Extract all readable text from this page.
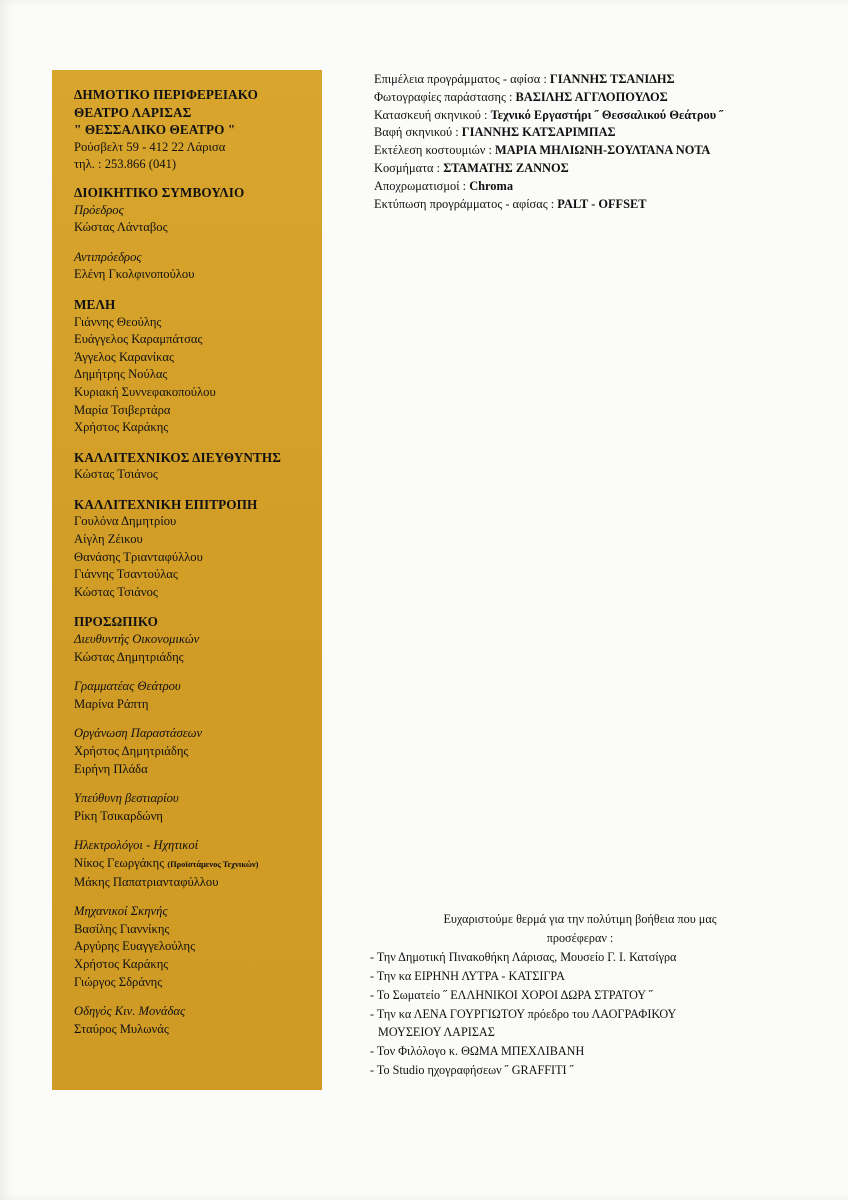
ΔΗΜΟΤΙΚΟ ΠΕΡΙΦΕΡΕΙΑΚΟ
ΘΕΑΤΡΟ ΛΑΡΙΣΑΣ
" ΘΕΣΣΑΛΙΚΟ ΘΕΑΤΡΟ "
Ρούσβελτ 59 - 412 22 Λάρισα
τηλ. : 253.866 (041)
ΔΙΟΙΚΗΤΙΚΟ ΣΥΜΒΟΥΛΙΟ
Πρόεδρος
Κώστας Λάνταβος
Αντιπρόεδρος
Ελένη Γκολφινοπούλου
ΜΕΛΗ
Γιάννης Θεούλης
Ευάγγελος Καραμπάτσας
Άγγελος Καρανίκας
Δημήτρης Νούλας
Κυριακή Συννεφακοπούλου
Μαρία Τσιβερτάρα
Χρήστος Καράκης
ΚΑΛΛΙΤΕΧΝΙΚΟΣ ΔΙΕΥΘΥΝΤΗΣ
Κώστας Τσιάνος
ΚΑΛΛΙΤΕΧΝΙΚΗ ΕΠΙΤΡΟΠΗ
Γουλόνα Δημητρίου
Αίγλη Ζέικου
Θανάσης Τριανταφύλλου
Γιάννης Τσαντούλας
Κώστας Τσιάνος
ΠΡΟΣΩΠΙΚΟ
Διευθυντής Οικονομικών
Κώστας Δημητριάδης
Γραμματέας Θεάτρου
Μαρίνα Ράπτη
Οργάνωση Παραστάσεων
Χρήστος Δημητριάδης
Ειρήνη Πλάδα
Υπεύθυνη βεστιαρίου
Ρίκη Τσικαρδώνη
Ηλεκτρολόγοι - Ηχητικοί
Νίκος Γεωργάκης (Προϊστάμενος Τεχνικών)
Μάκης Παπατριανταφύλλου
Μηχανικοί Σκηνής
Βασίλης Γιαννίκης
Αργύρης Ευαγγελούλης
Χρήστος Καράκης
Γιώργος Σδράνης
Οδηγός Κιν. Μονάδας
Σταύρος Μυλωνάς
Επιμέλεια προγράμματος - αφίσα : ΓΙΑΝΝΗΣ ΤΣΑΝΙΔΗΣ
Φωτογραφίες παράστασης : ΒΑΣΙΛΗΣ ΑΓΓΛΟΠΟΥΛΟΣ
Κατασκευή σκηνικού : Τεχνικό Εργαστήρι ˝ Θεσσαλικού Θεάτρου ˝
Βαφή σκηνικού : ΓΙΑΝΝΗΣ ΚΑΤΣΑΡΙΜΠΑΣ
Εκτέλεση κοστουμιών : ΜΑΡΙΑ ΜΗΛΙΩΝΗ-ΣΟΥΛΤΑΝΑ ΝΟΤΑ
Κοσμήματα : ΣΤΑΜΑΤΗΣ ΖΑΝΝΟΣ
Αποχρωματισμοί : Chroma
Εκτύπωση προγράμματος - αφίσας : PALT - OFFSET
Ευχαριστούμε θερμά για την πολύτιμη βοήθεια που μας
προσέφεραν :
- Την Δημοτική Πινακοθήκη Λάρισας, Μουσείο Γ. Ι. Κατσίγρα
- Την κα ΕΙΡΗΝΗ ΛΥΤΡΑ - ΚΑΤΣΙΓΡΑ
- Το Σωματείο ˝ ΕΛΛΗΝΙΚΟΙ ΧΟΡΟΙ ΔΩΡΑ ΣΤΡΑΤΟΥ ˝
- Την κα ΛΕΝΑ ΓΟΥΡΓΙΩΤΟΥ πρόεδρο του ΛΑΟΓΡΑΦΙΚΟΥ
ΜΟΥΣΕΙΟΥ ΛΑΡΙΣΑΣ
- Τον Φιλόλογο κ. ΘΩΜΑ ΜΠΕΧΛΙΒΑΝΗ
- Το Studio ηχογραφήσεων ˝ GRAFFITI ˝
